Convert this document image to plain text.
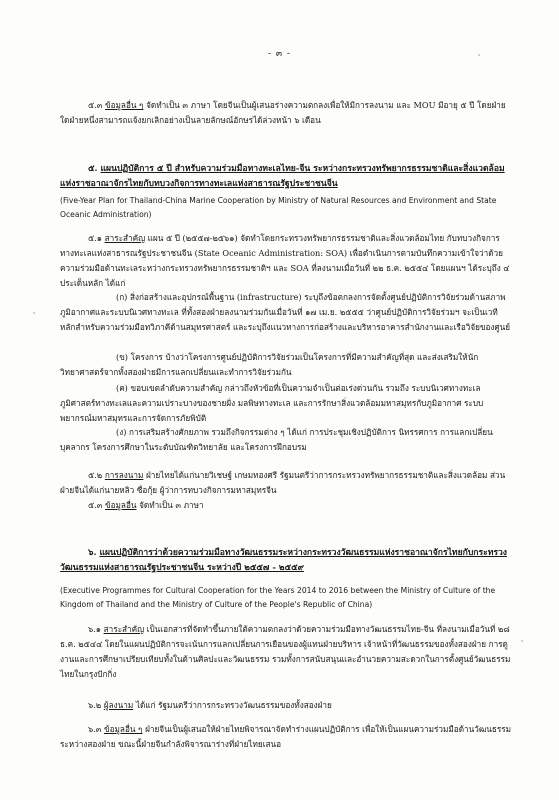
- ๓ -
๕.๓ ข้อมูลอื่น ๆ จัดทำเป็น ๓ ภาษา โดยจีนเป็นผู้เสนอร่างความตกลงเพื่อให้มีการลงนาม และ MOU มีอายุ ๕ ปี โดยฝ่ายใดฝ่ายหนึ่งสามารถแจ้งยกเลิกอย่างเป็นลายลักษณ์อักษรได้ล่วงหน้า ๖ เดือน
๕. แผนปฏิบัติการ ๕ ปี สำหรับความร่วมมือทางทะเลไทย-จีน ระหว่างกระทรวงทรัพยากรธรรมชาติและสิ่งแวดล้อมแห่งราชอาณาจักรไทยกับทบวงกิจการทางทะเลแห่งสาธารณรัฐประชาชนจีน
(Five-Year Plan for Thailand-China Marine Cooperation by Ministry of Natural Resources and Environment and State Oceanic Administration)
๕.๑ สาระสำคัญ แผน ๕ ปี (๒๕๕๗-๒๕๖๑) จัดทำโดยกระทรวงทรัพยากรธรรมชาติและสิ่งแวดล้อมไทย กับทบวงกิจการทางทะเลแห่งสาธารณรัฐประชาชนจีน (State Oceanic Administration: SOA) เพื่อดำเนินการตามบันทึกความเข้าใจว่าด้วยความร่วมมือด้านทะเลระหว่างกระทรวงทรัพยากรธรรมชาติฯ และ SOA ที่ลงนามเมื่อวันที่ ๒๒ ธ.ค. ๒๕๕๔ โดยแผนฯ ได้ระบุถึง ๔ ประเด็นหลัก ได้แก่
(ก) สิ่งก่อสร้างและอุปกรณ์พื้นฐาน (infrastructure) ระบุถึงข้อตกลงการจัดตั้งศูนย์ปฏิบัติการวิจัยร่วมด้านสภาพภูมิอากาศและระบบนิเวศทางทะเล ที่ทั้งสองฝ่ายลงนามร่วมกันเมื่อวันที่ ๑๗ เม.ย. ๒๕๕๕ ว่าศูนย์ปฏิบัติการวิจัยร่วมฯ จะเป็นเวทีหลักสำหรับความร่วมมือทวิภาคีด้านสมุทรศาสตร์ และระบุถึงแนวทางการก่อสร้างและบริหารอาคารสำนักงานและเรือวิจัยของศูนย์
(ข) โครงการ บ้างว่าโครงการศูนย์ปฏิบัติการวิจัยร่วมเป็นโครงการที่มีความสำคัญที่สุด และส่งเสริมให้นักวิทยาศาสตร์จากทั้งสองฝ่ายมีการแลกเปลี่ยนและทำการวิจัยร่วมกัน
(ค) ขอบเขตลำดับความสำคัญ กล่าวถึงหัวข้อที่เป็นความจำเป็นต่อเร่งด่วนกัน รวมถึง ระบบนิเวศทางทะเล ภูมิศาสตร์ทางทะเลและความเปราะบางของชายฝั่ง มลพิษทางทะเล และการรักษาสิ่งแวดล้อมมหาสมุทรกับภูมิอากาศ ระบบพยากรณ์มหาสมุทรและการจัดการภัยพิบัติ
(ง) การเสริมสร้างศักยภาพ รวมถึงกิจกรรมต่าง ๆ ได้แก่ การประชุมเชิงปฏิบัติการ นิทรรศการ การแลกเปลี่ยนบุคลากร โครงการศึกษาในระดับบัณฑิตวิทยาลัย และโครงการฝึกอบรม
๕.๒ การลงนาม ฝ่ายไทยได้แก่นายวิเชษฐ์ เกษมทองศรี รัฐมนตรีว่าการกระทรวงทรัพยากรธรรมชาติและสิ่งแวดล้อม ส่วนฝ่ายจีนได้แก่นายหลิว ซื่อกุ้ย ผู้ว่าการทบวงกิจการมหาสมุทรจีน
๕.๓ ข้อมูลอื่น จัดทำเป็น ๓ ภาษา
๖. แผนปฏิบัติการว่าด้วยความร่วมมือทางวัฒนธรรมระหว่างกระทรวงวัฒนธรรมแห่งราชอาณาจักรไทยกับกระทรวงวัฒนธรรมแห่งสาธารณรัฐประชาชนจีน ระหว่างปี ๒๕๕๗ - ๒๕๕๙
(Executive Programmes for Cultural Cooperation for the Years 2014 to 2016 between the Ministry of Culture of the Kingdom of Thailand and the Ministry of Culture of the People's Republic of China)
๖.๑ สาระสำคัญ เป็นเอกสารที่จัดทำขึ้นภายใต้ความตกลงว่าด้วยความร่วมมือทางวัฒนธรรมไทย-จีน ที่ลงนามเมื่อวันที่ ๒๘ ธ.ค. ๒๕๔๔ โดยในแผนปฏิบัติการจะเน้นการแลกเปลี่ยนการเยือนของผู้แทนฝ่ายบริหาร เจ้าหน้าที่วัฒนธรรมของทั้งสองฝ่าย การดูงานและการศึกษาเปรียบเทียบทั้งในด้านศิลปะและวัฒนธรรม รวมทั้งการสนับสนุนและอำนวยความสะดวกในการตั้งศูนย์วัฒนธรรมไทยในกรุงปักกิ่ง
๖.๒ ผู้ลงนาม ได้แก่ รัฐมนตรีว่าการกระทรวงวัฒนธรรมของทั้งสองฝ่าย
๖.๓ ข้อมูลอื่น ๆ ฝ่ายจีนเป็นผู้เสนอให้ฝ่ายไทยพิจารณาจัดทำร่างแผนปฏิบัติการ เพื่อให้เป็นแผนความร่วมมือด้านวัฒนธรรมระหว่างสองฝ่าย ขณะนี้ฝ่ายจีนกำลังพิจารณาร่างที่ฝ่ายไทยเสนอ
